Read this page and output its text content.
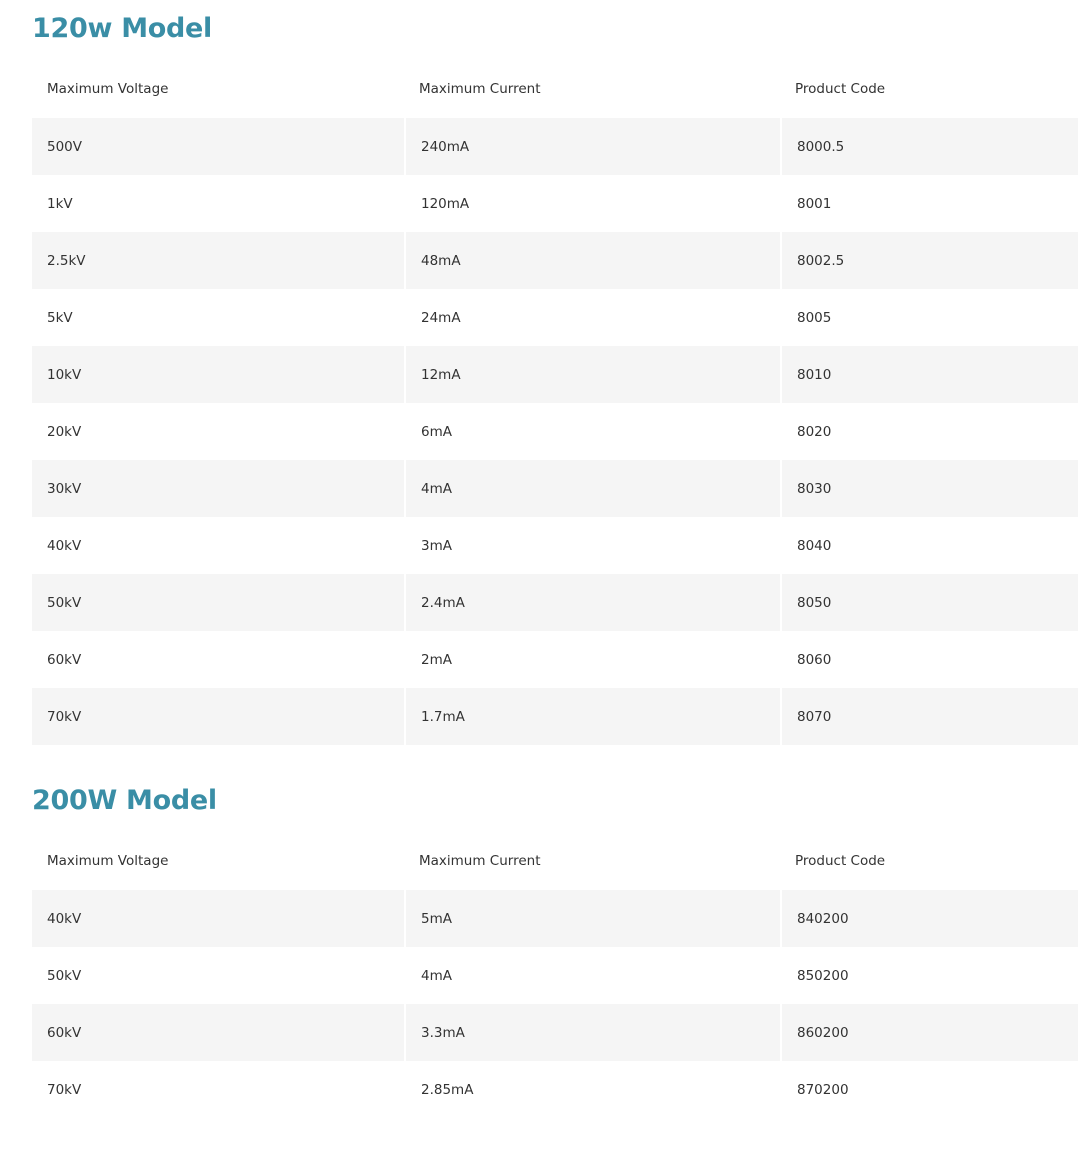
120w Model
Maximum Voltage	Maximum Current	Product Code
500V	240mA	8000.5
1kV	120mA	8001
2.5kV	48mA	8002.5
5kV	24mA	8005
10kV	12mA	8010
20kV	6mA	8020
30kV	4mA	8030
40kV	3mA	8040
50kV	2.4mA	8050
60kV	2mA	8060
70kV	1.7mA	8070
200W Model
Maximum Voltage	Maximum Current	Product Code
40kV	5mA	840200
50kV	4mA	850200
60kV	3.3mA	860200
70kV	2.85mA	870200
